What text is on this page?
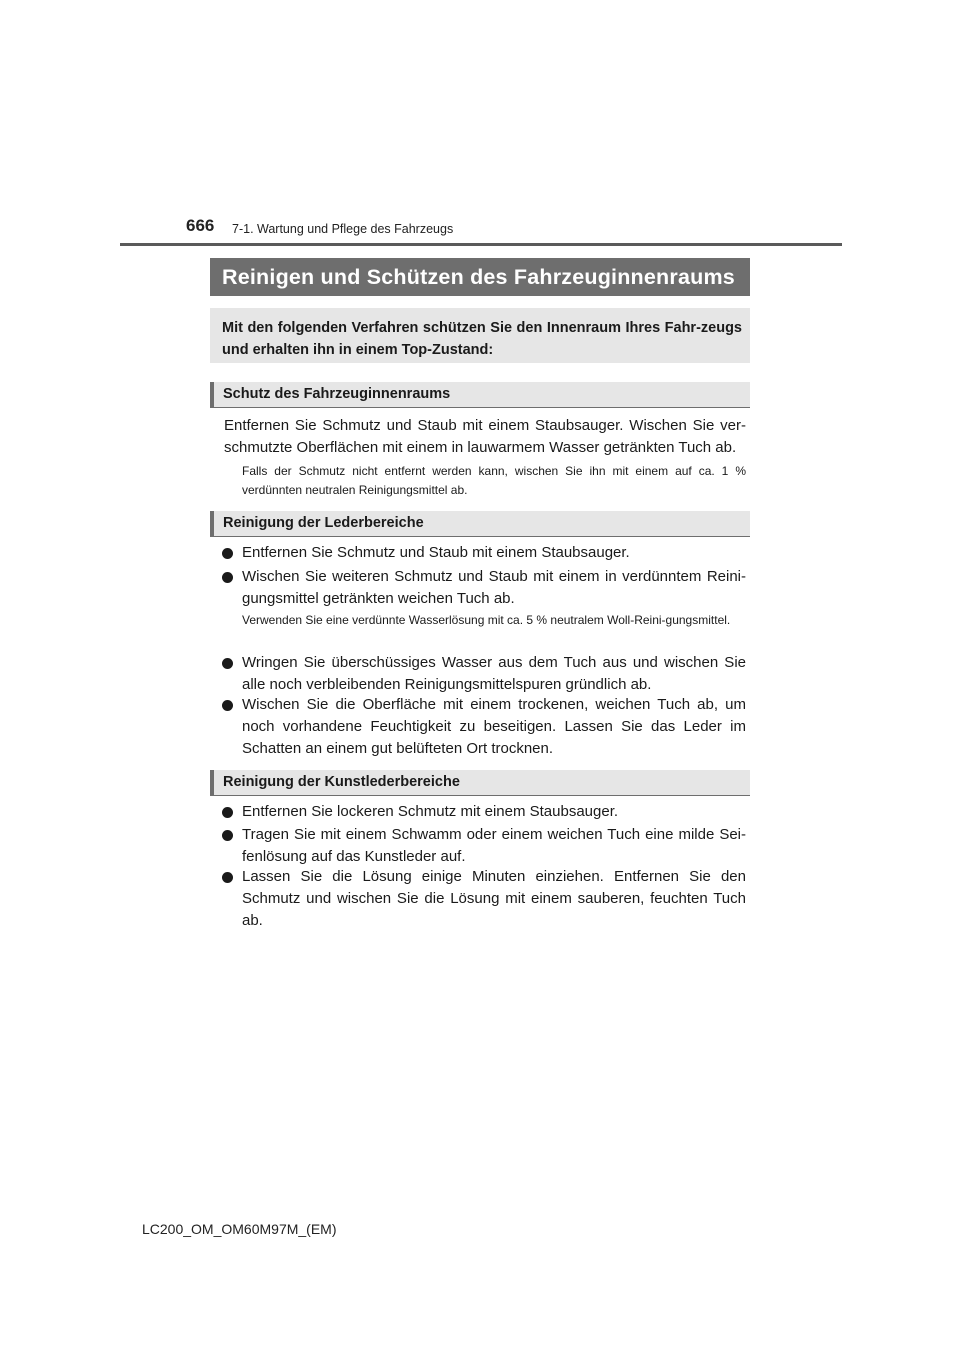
666 7-1. Wartung und Pflege des Fahrzeugs
Reinigen und Schützen des Fahrzeuginnenraums
Mit den folgenden Verfahren schützen Sie den Innenraum Ihres Fahr-zeugs und erhalten ihn in einem Top-Zustand:
Schutz des Fahrzeuginnenraums
Entfernen Sie Schmutz und Staub mit einem Staubsauger. Wischen Sie ver-schmutzte Oberflächen mit einem in lauwarmem Wasser getränkten Tuch ab.
Falls der Schmutz nicht entfernt werden kann, wischen Sie ihn mit einem auf ca. 1 % verdünnten neutralen Reinigungsmittel ab.
Reinigung der Lederbereiche
Entfernen Sie Schmutz und Staub mit einem Staubsauger.
Wischen Sie weiteren Schmutz und Staub mit einem in verdünntem Reini-gungsmittel getränkten weichen Tuch ab.
Verwenden Sie eine verdünnte Wasserlösung mit ca. 5 % neutralem Woll-Reini-gungsmittel.
Wringen Sie überschüssiges Wasser aus dem Tuch aus und wischen Sie alle noch verbleibenden Reinigungsmittelspuren gründlich ab.
Wischen Sie die Oberfläche mit einem trockenen, weichen Tuch ab, um noch vorhandene Feuchtigkeit zu beseitigen. Lassen Sie das Leder im Schatten an einem gut belüfteten Ort trocknen.
Reinigung der Kunstlederbereiche
Entfernen Sie lockeren Schmutz mit einem Staubsauger.
Tragen Sie mit einem Schwamm oder einem weichen Tuch eine milde Sei-fenlösung auf das Kunstleder auf.
Lassen Sie die Lösung einige Minuten einziehen. Entfernen Sie den Schmutz und wischen Sie die Lösung mit einem sauberen, feuchten Tuch ab.
LC200_OM_OM60M97M_(EM)
